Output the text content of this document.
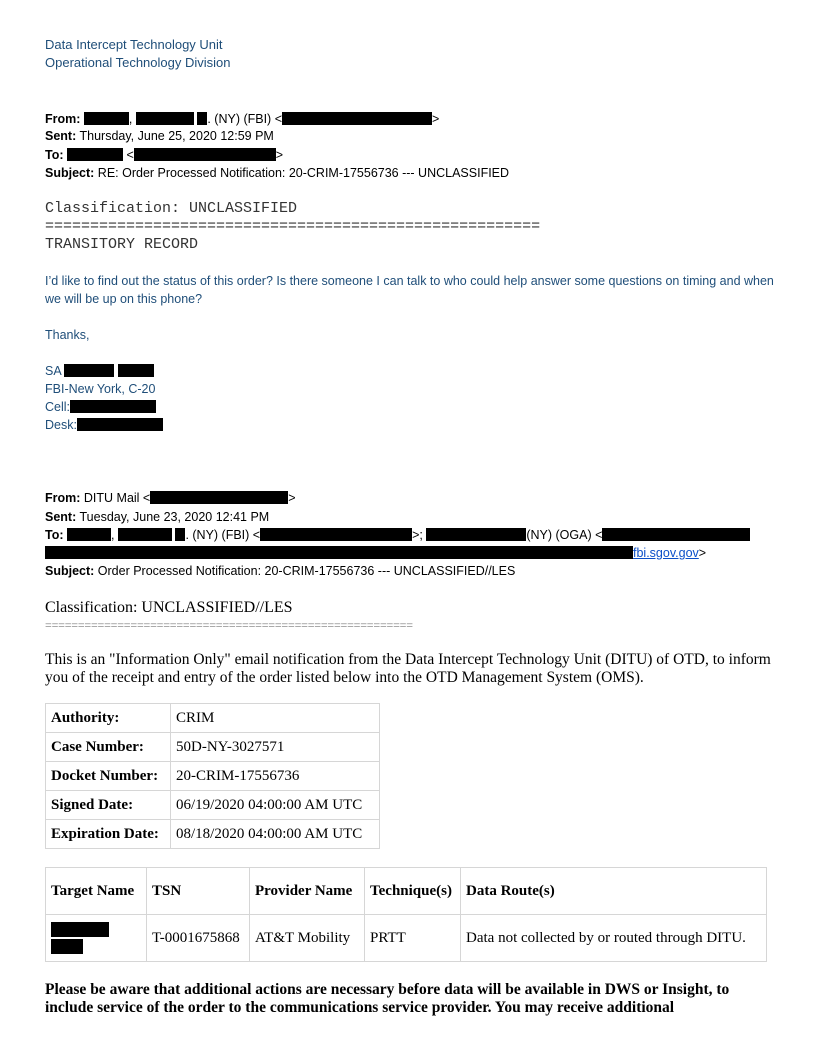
Data Intercept Technology Unit
Operational Technology Division
From:	,	. (NY) (FBI) <	>
Sent: Thursday, June 25, 2020 12:59 PM
To:	<	>
Subject: RE: Order Processed Notification: 20-CRIM-17556736 --- UNCLASSIFIED
Classification: UNCLASSIFIED
=======================================================
TRANSITORY RECORD
I’d like to find out the status of this order? Is there someone I can talk to who could help answer some questions on timing and when we will be up on this phone?
Thanks,
SA
FBI-New York, C-20
Cell:
Desk:
From: DITU Mail <	>
Sent: Tuesday, June 23, 2020 12:41 PM
To:	,	. (NY) (FBI) <	>;	(NY) (OGA) <
fbi.sgov.gov>
Subject: Order Processed Notification: 20-CRIM-17556736 --- UNCLASSIFIED//LES
Classification: UNCLASSIFIED//LES
========================================================
This is an "Information Only" email notification from the Data Intercept Technology Unit (DITU) of OTD, to inform you of the receipt and entry of the order listed below into the OTD Management System (OMS).
Authority:	CRIM
Case Number:	50D-NY-3027571
Docket Number:	20-CRIM-17556736
Signed Date:	06/19/2020 04:00:00 AM UTC
Expiration Date:	08/18/2020 04:00:00 AM UTC
Target Name	TSN	Provider Name	Technique(s)	Data Route(s)

	T-0001675868	AT&T Mobility	PRTT	Data not collected by or routed through DITU.
Please be aware that additional actions are necessary before data will be available in DWS or Insight, to include service of the order to the communications service provider. You may receive additional
